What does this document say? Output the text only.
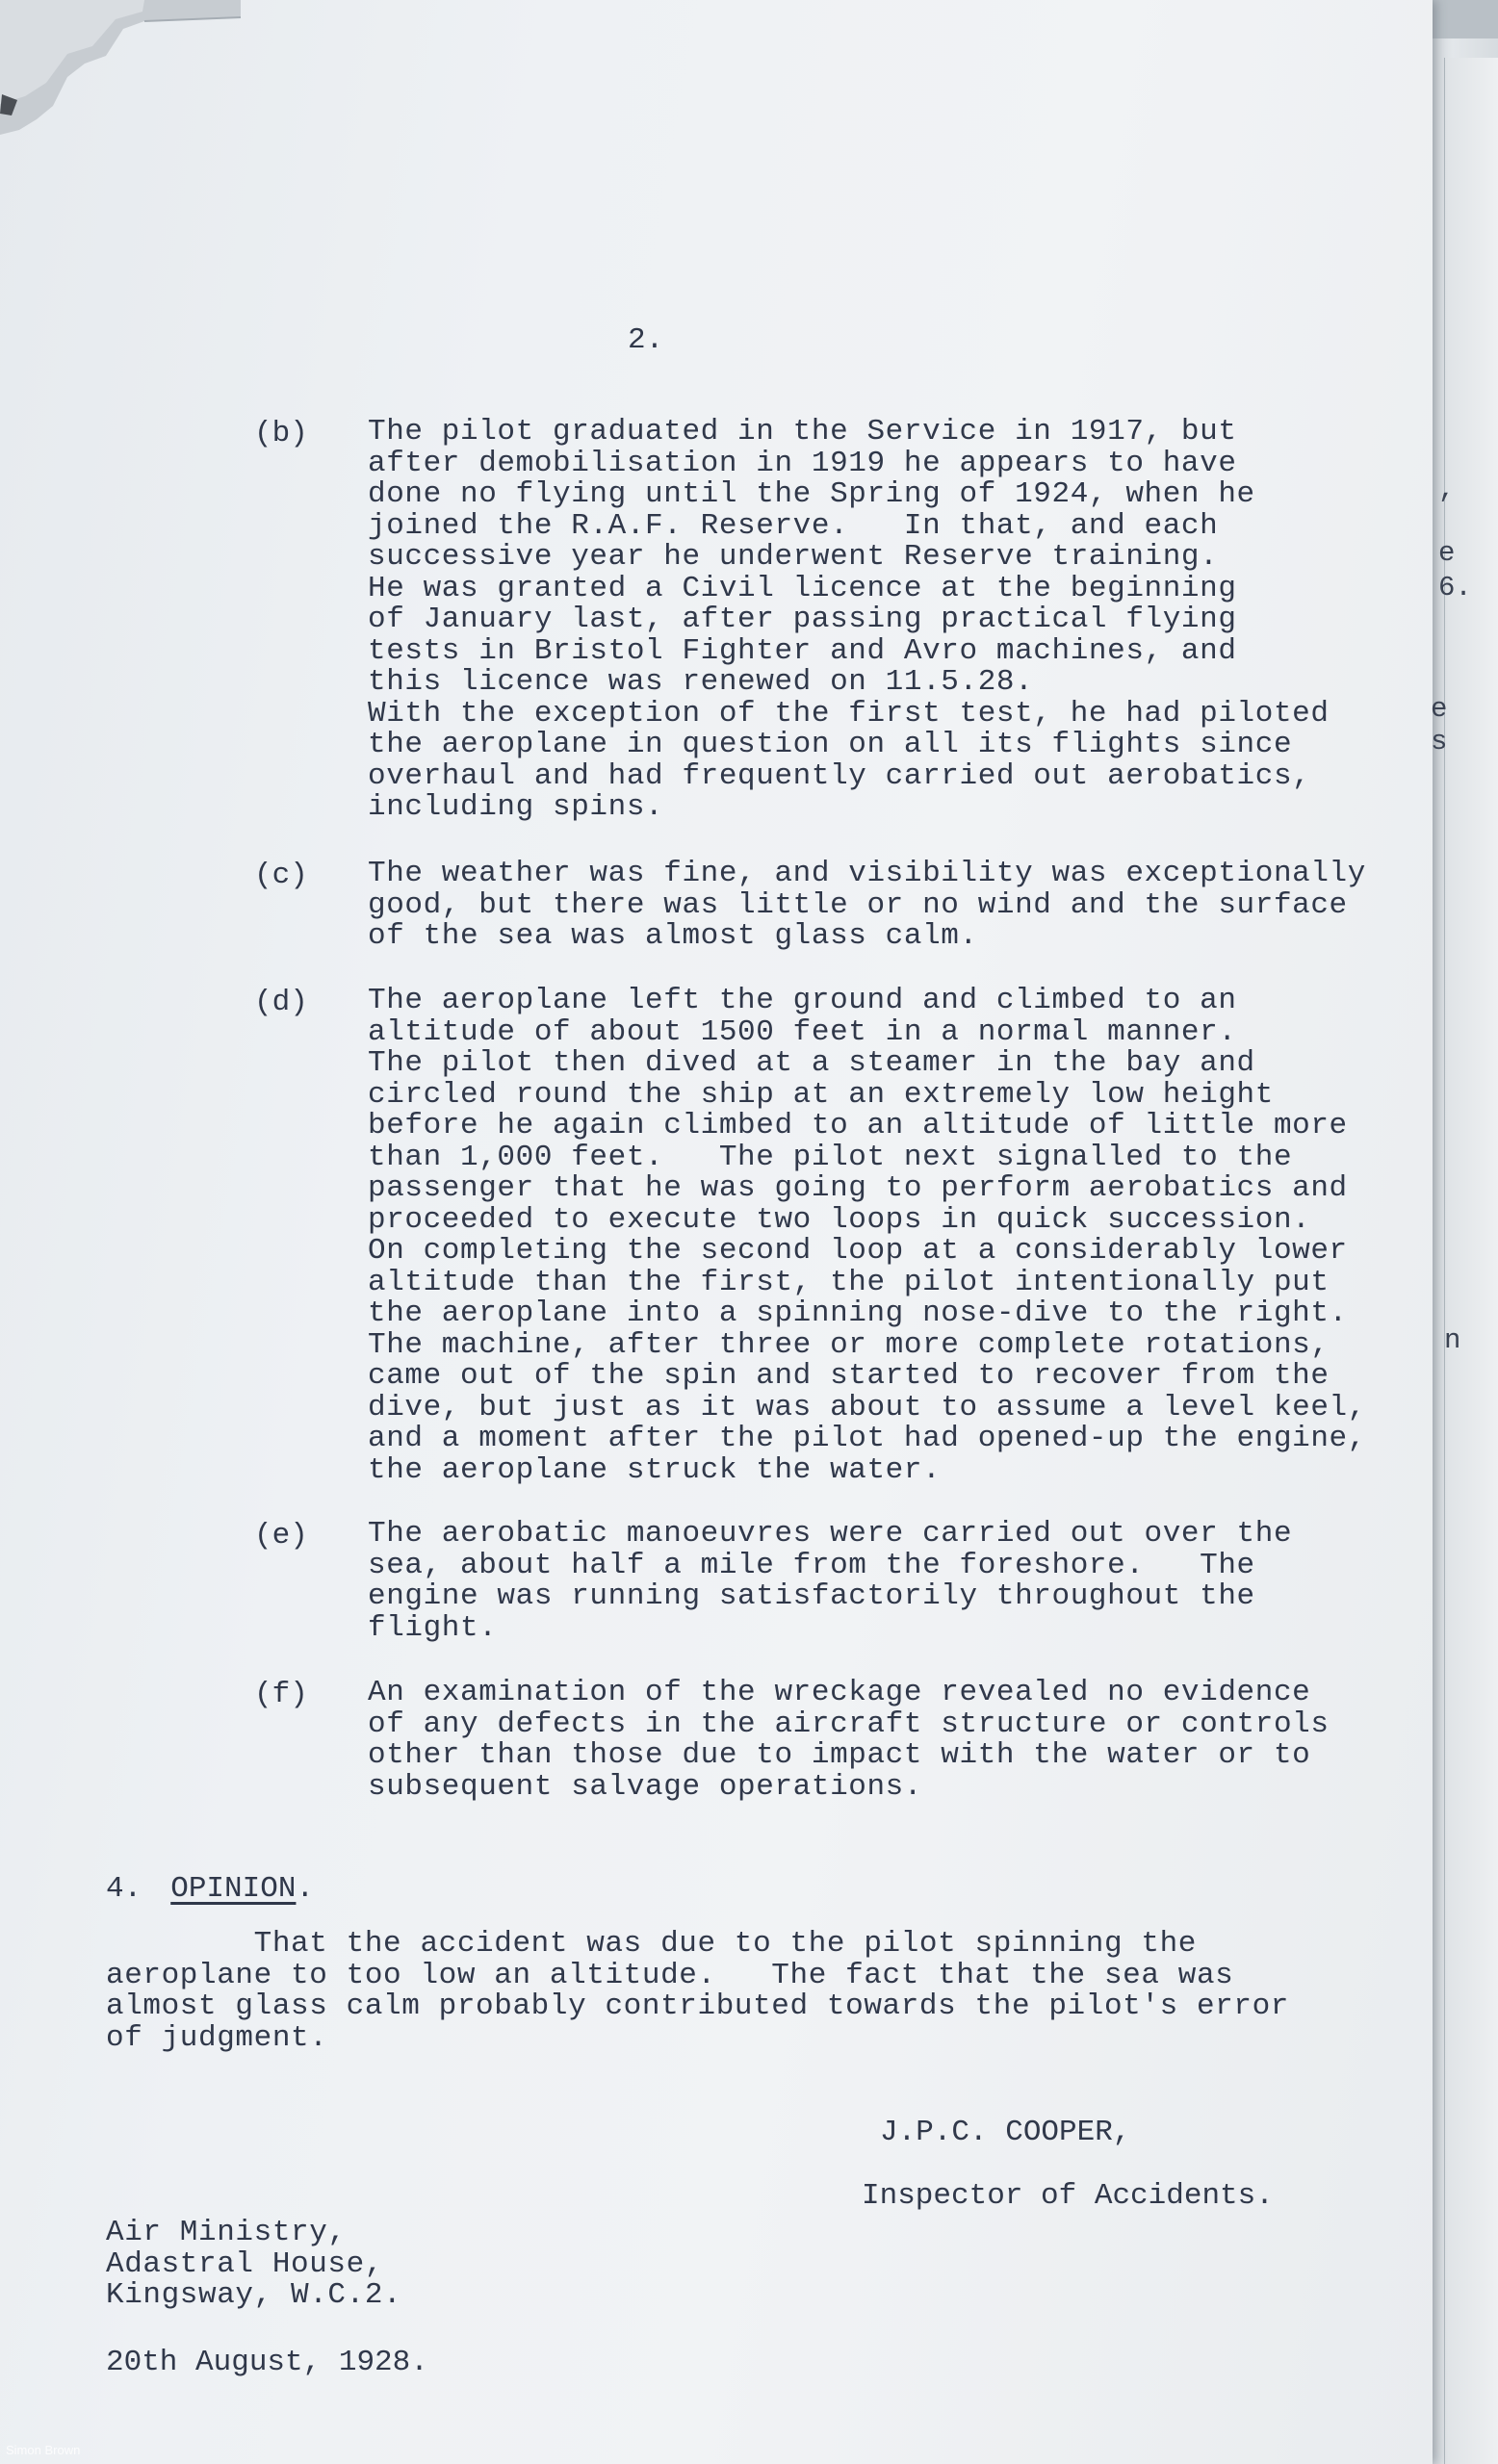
2.
(b) The pilot graduated in the Service in 1917, but

after demobilisation in 1919 he appears to have

done no flying until the Spring of 1924, when he

joined the R.A.F. Reserve.   In that, and each

successive year he underwent Reserve training.

He was granted a Civil licence at the beginning

of January last, after passing practical flying

tests in Bristol Fighter and Avro machines, and

this licence was renewed on 11.5.28.

With the exception of the first test, he had piloted

the aeroplane in question on all its flights since

overhaul and had frequently carried out aerobatics,

including spins.

(c) The weather was fine, and visibility was exceptionally

good, but there was little or no wind and the surface

of the sea was almost glass calm.

(d) The aeroplane left the ground and climbed to an

altitude of about 1500 feet in a normal manner.

The pilot then dived at a steamer in the bay and

circled round the ship at an extremely low height

before he again climbed to an altitude of little more

than 1,000 feet.   The pilot next signalled to the

passenger that he was going to perform aerobatics and

proceeded to execute two loops in quick succession.

On completing the second loop at a considerably lower

altitude than the first, the pilot intentionally put

the aeroplane into a spinning nose-dive to the right.

The machine, after three or more complete rotations,

came out of the spin and started to recover from the

dive, but just as it was about to assume a level keel,

and a moment after the pilot had opened-up the engine,

the aeroplane struck the water.

(e) The aerobatic manoeuvres were carried out over the

sea, about half a mile from the foreshore.   The

engine was running satisfactorily throughout the

flight.

(f) An examination of the wreckage revealed no evidence

of any defects in the aircraft structure or controls

other than those due to impact with the water or to

subsequent salvage operations.

4. OPINION.

That the accident was due to the pilot spinning the

aeroplane to too low an altitude.   The fact that the sea was

almost glass calm probably contributed towards the pilot's error

of judgment.

J.P.C. COOPER,
Inspector of Accidents.

Air Ministry,

Adastral House,

Kingsway, W.C.2.

20th August, 1928.
,
e
6.
e
s
n
Simon Brown
